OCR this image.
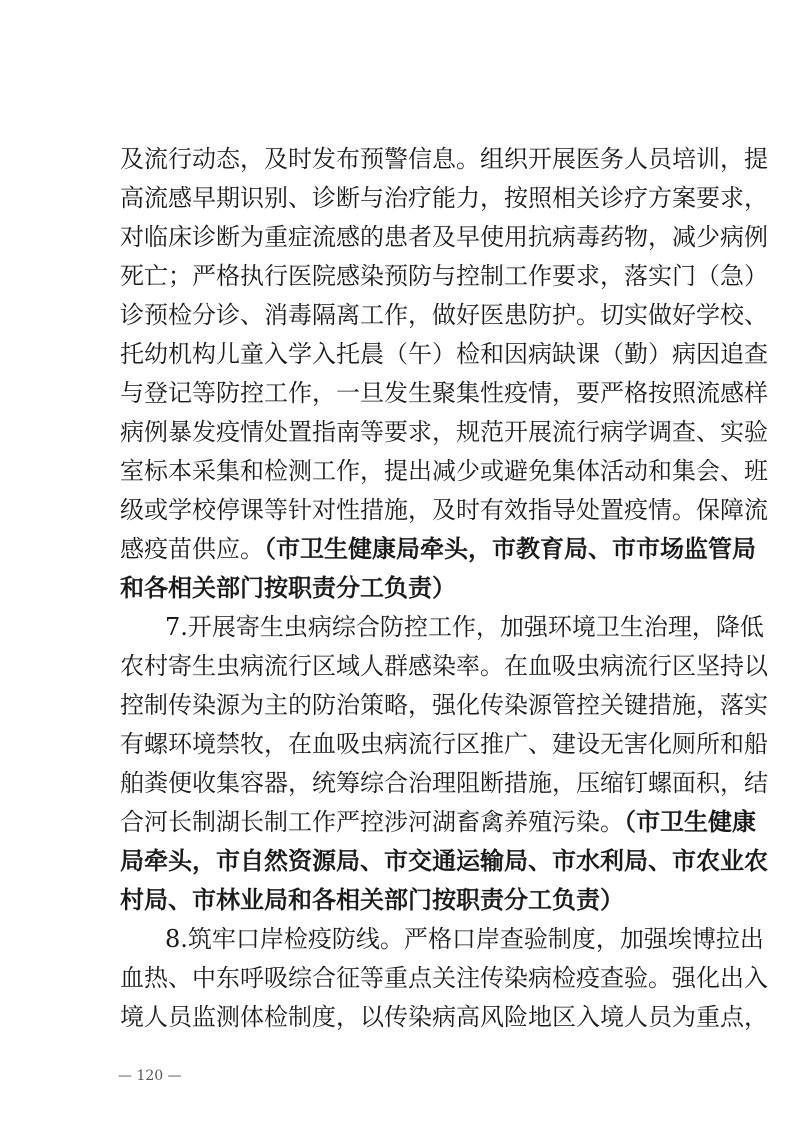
及流行动态，及时发布预警信息。组织开展医务人员培训，提
高流感早期识别、诊断与治疗能力，按照相关诊疗方案要求，
对临床诊断为重症流感的患者及早使用抗病毒药物，减少病例
死亡；严格执行医院感染预防与控制工作要求，落实门（急）
诊预检分诊、消毒隔离工作，做好医患防护。切实做好学校、
托幼机构儿童入学入托晨（午）检和因病缺课（勤）病因追查
与登记等防控工作，一旦发生聚集性疫情，要严格按照流感样
病例暴发疫情处置指南等要求，规范开展流行病学调查、实验
室标本采集和检测工作，提出减少或避免集体活动和集会、班
级或学校停课等针对性措施，及时有效指导处置疫情。保障流
感疫苗供应。（市卫生健康局牵头，市教育局、市市场监管局
和各相关部门按职责分工负责）
7.开展寄生虫病综合防控工作，加强环境卫生治理，降低
农村寄生虫病流行区域人群感染率。在血吸虫病流行区坚持以
控制传染源为主的防治策略，强化传染源管控关键措施，落实
有螺环境禁牧，在血吸虫病流行区推广、建设无害化厕所和船
舶粪便收集容器，统筹综合治理阻断措施，压缩钉螺面积，结
合河长制湖长制工作严控涉河湖畜禽养殖污染。（市卫生健康
局牵头，市自然资源局、市交通运输局、市水利局、市农业农
村局、市林业局和各相关部门按职责分工负责）
8.筑牢口岸检疫防线。严格口岸查验制度，加强埃博拉出
血热、中东呼吸综合征等重点关注传染病检疫查验。强化出入
境人员监测体检制度，以传染病高风险地区入境人员为重点，
— 120 —
